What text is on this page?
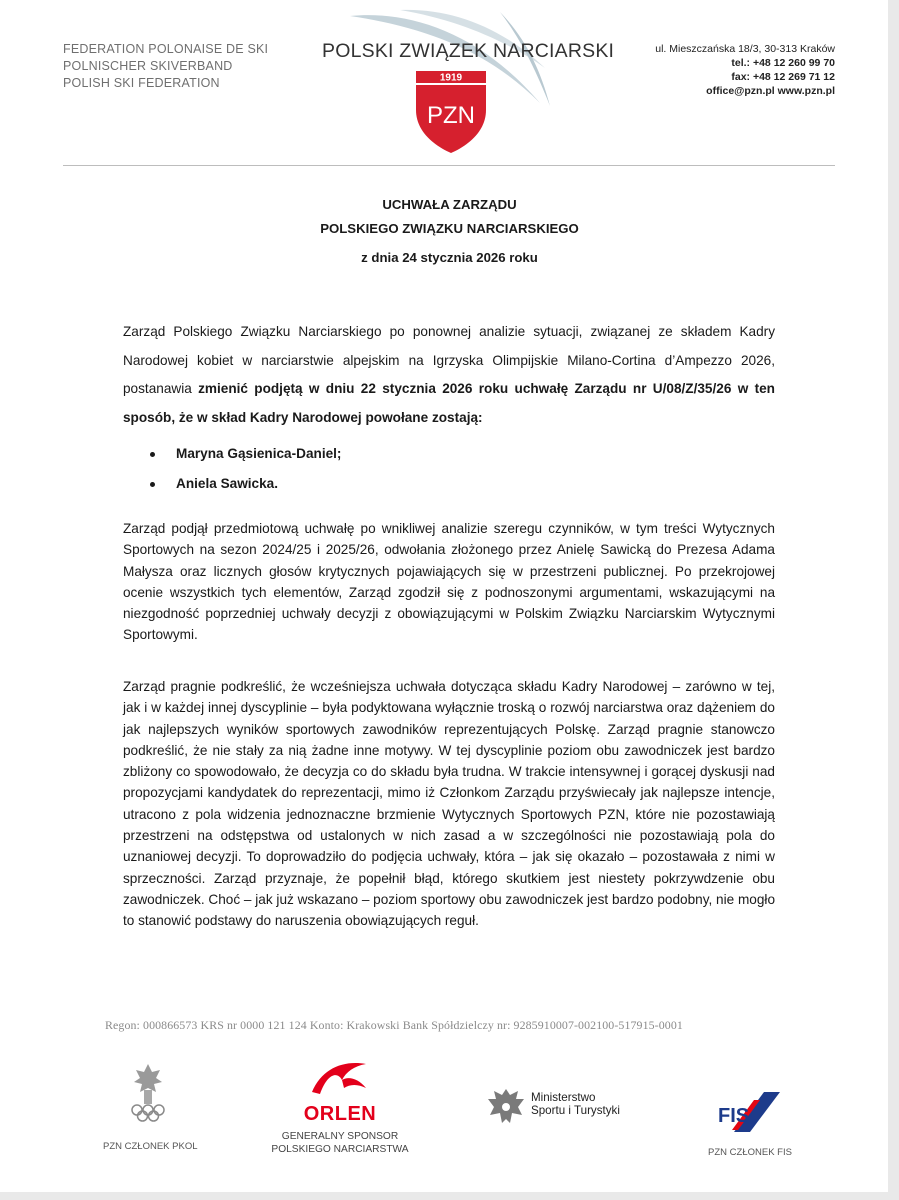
FEDERATION POLONAISE DE SKI
POLNISCHER SKIVERBAND
POLISH SKI FEDERATION
POLSKI ZWIĄZEK NARCIARSKI
1919
PZN
ul. Mieszczańska 18/3, 30-313 Kraków
tel.: +48 12 260 99 70
fax: +48 12 269 71 12
office@pzn.pl www.pzn.pl
UCHWAŁA ZARZĄDU
POLSKIEGO ZWIĄZKU NARCIARSKIEGO
z dnia 24 stycznia 2026 roku
Zarząd Polskiego Związku Narciarskiego po ponownej analizie sytuacji, związanej ze składem Kadry Narodowej kobiet w narciarstwie alpejskim na Igrzyska Olimpijskie Milano-Cortina d’Ampezzo 2026, postanawia zmienić podjętą w dniu 22 stycznia 2026 roku uchwałę Zarządu nr U/08/Z/35/26 w ten sposób, że w skład Kadry Narodowej powołane zostają:
Maryna Gąsienica-Daniel;
Aniela Sawicka.
Zarząd podjął przedmiotową uchwałę po wnikliwej analizie szeregu czynników, w tym treści Wytycznych Sportowych na sezon 2024/25 i 2025/26, odwołania złożonego przez Anielę Sawicką do Prezesa Adama Małysza oraz licznych głosów krytycznych pojawiających się w przestrzeni publicznej. Po przekrojowej ocenie wszystkich tych elementów, Zarząd zgodził się z podnoszonymi argumentami, wskazującymi na niezgodność poprzedniej uchwały decyzji z obowiązującymi w Polskim Związku Narciarskim Wytycznymi Sportowymi.
Zarząd pragnie podkreślić, że wcześniejsza uchwała dotycząca składu Kadry Narodowej – zarówno w tej, jak i w każdej innej dyscyplinie – była podyktowana wyłącznie troską o rozwój narciarstwa oraz dążeniem do jak najlepszych wyników sportowych zawodników reprezentujących Polskę. Zarząd pragnie stanowczo podkreślić, że nie stały za nią żadne inne motywy. W tej dyscyplinie poziom obu zawodniczek jest bardzo zbliżony co spowodowało, że decyzja co do składu była trudna. W trakcie intensywnej i gorącej dyskusji nad propozycjami kandydatek do reprezentacji, mimo iż Członkom Zarządu przyświecały jak najlepsze intencje, utracono z pola widzenia jednoznaczne brzmienie Wytycznych Sportowych PZN, które nie pozostawiają przestrzeni na odstępstwa od ustalonych w nich zasad a w szczególności nie pozostawiają pola do uznaniowej decyzji. To doprowadziło do podjęcia uchwały, która – jak się okazało – pozostawała z nimi w sprzeczności. Zarząd przyznaje, że popełnił błąd, którego skutkiem jest niestety pokrzywdzenie obu zawodniczek. Choć – jak już wskazano – poziom sportowy obu zawodniczek jest bardzo podobny, nie mogło to stanowić podstawy do naruszenia obowiązujących reguł.
Regon: 000866573 KRS nr 0000 121 124 Konto: Krakowski Bank Spółdzielczy nr: 9285910007-002100-517915-0001
PZN CZŁONEK PKOL
ORLEN
GENERALNY SPONSOR
POLSKIEGO NARCIARSTWA
Ministerstwo
Sportu i Turystyki	FIS
PZN CZŁONEK FIS
